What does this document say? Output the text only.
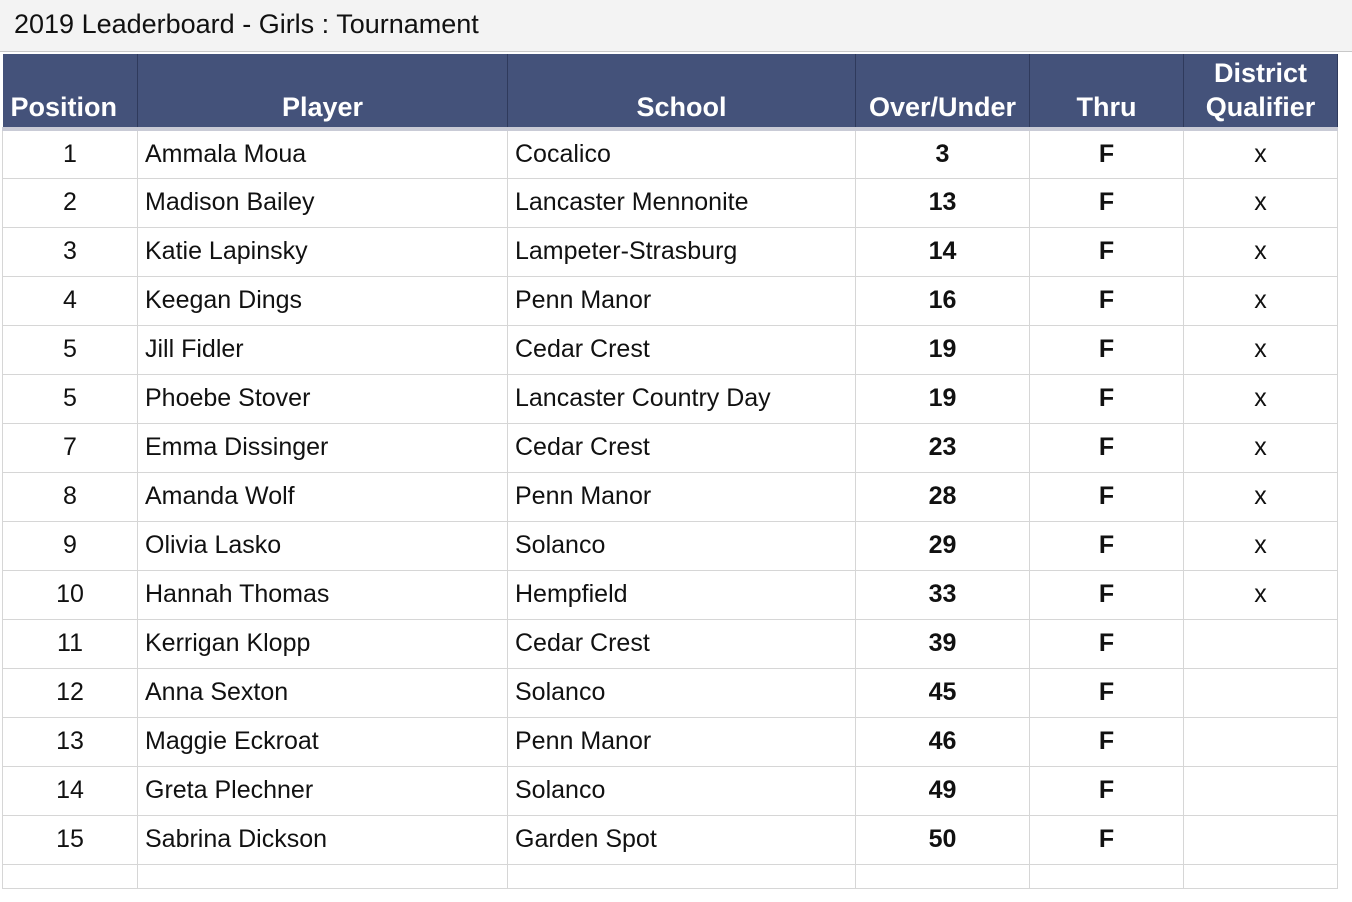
2019 Leaderboard - Girls : Tournament
Position	Player	School	Over/Under	Thru	District
Qualifier
1	Ammala Moua	Cocalico	3	F	x
2	Madison Bailey	Lancaster Mennonite	13	F	x
3	Katie Lapinsky	Lampeter-Strasburg	14	F	x
4	Keegan Dings	Penn Manor	16	F	x
5	Jill Fidler	Cedar Crest	19	F	x
5	Phoebe Stover	Lancaster Country Day	19	F	x
7	Emma Dissinger	Cedar Crest	23	F	x
8	Amanda Wolf	Penn Manor	28	F	x
9	Olivia Lasko	Solanco	29	F	x
10	Hannah Thomas	Hempfield	33	F	x
11	Kerrigan Klopp	Cedar Crest	39	F	
12	Anna Sexton	Solanco	45	F	
13	Maggie Eckroat	Penn Manor	46	F	
14	Greta Plechner	Solanco	49	F	
15	Sabrina Dickson	Garden Spot	50	F	
